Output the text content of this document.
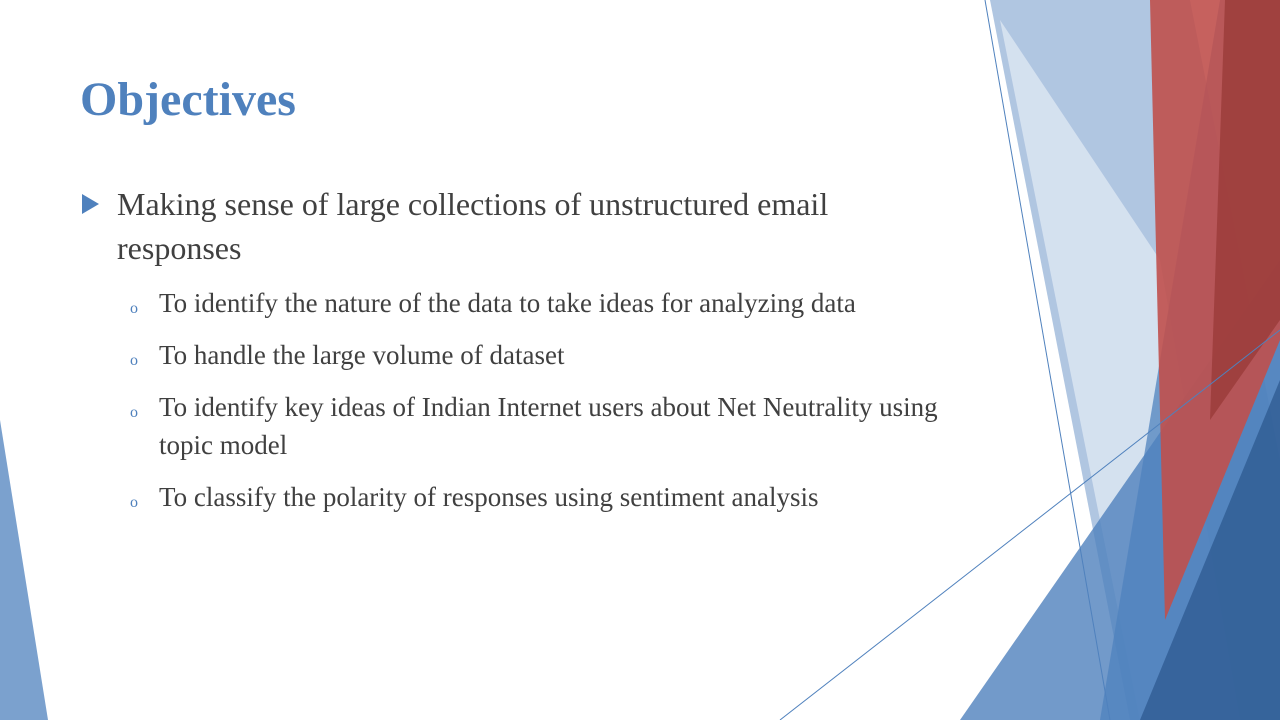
Objectives
Making sense of large collections of unstructured email responses
o To identify the nature of the data to take ideas for analyzing data
o To handle the large volume of dataset
o To identify key ideas of Indian Internet users about Net Neutrality using topic model
o To classify the polarity of responses using sentiment analysis
